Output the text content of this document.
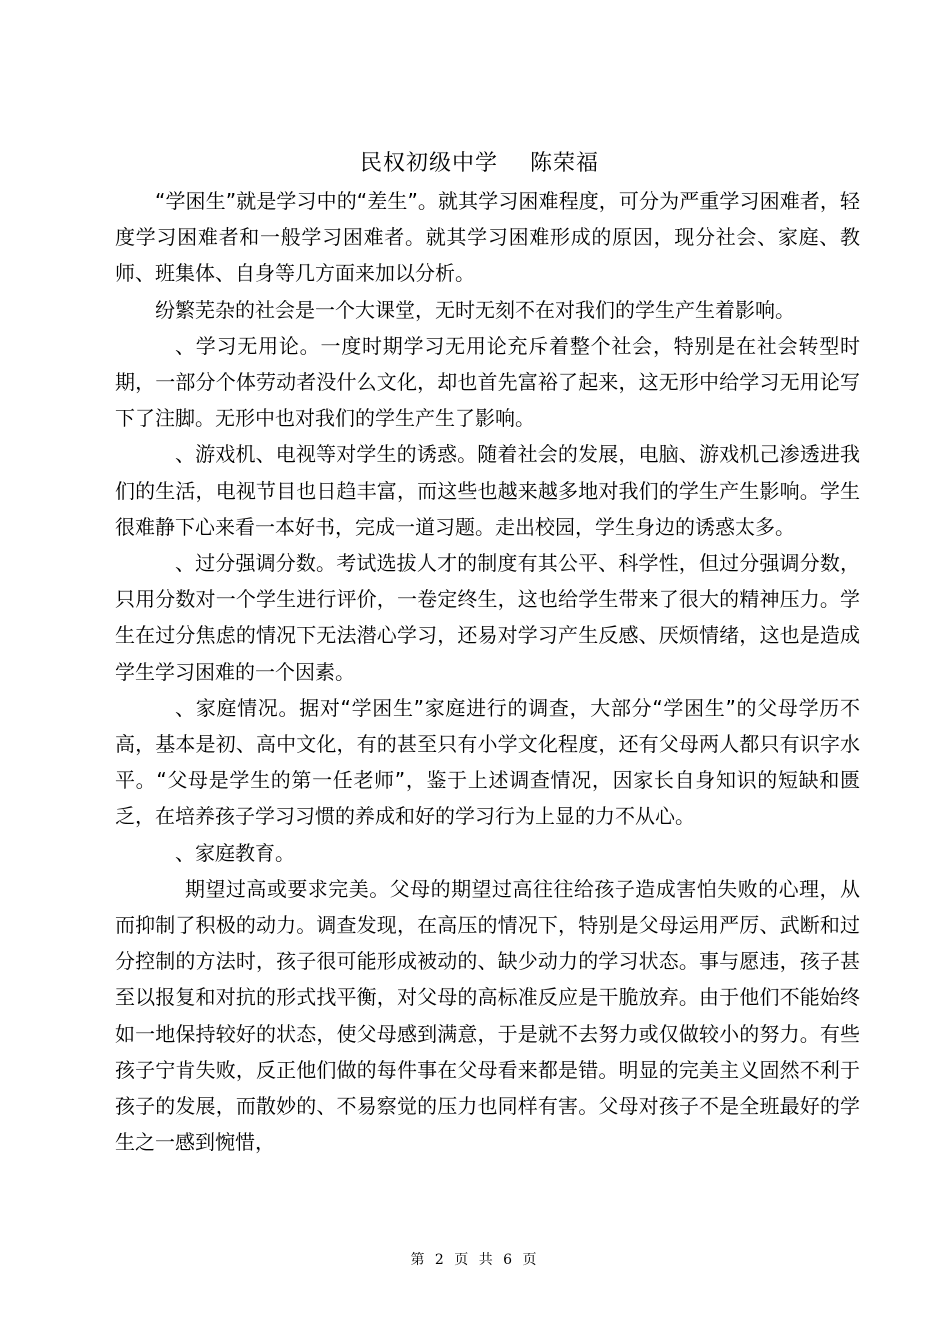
民权初级中学    陈荣福

“学困生”就是学习中的“差生”。就其学习困难程度，可分为严重学习困难者，轻度学习困难者和一般学习困难者。就其学习困难形成的原因，现分社会、家庭、教师、班集体、自身等几方面来加以分析。

纷繁芜杂的社会是一个大课堂，无时无刻不在对我们的学生产生着影响。

、学习无用论。一度时期学习无用论充斥着整个社会，特别是在社会转型时期，一部分个体劳动者没什么文化，却也首先富裕了起来，这无形中给学习无用论写下了注脚。无形中也对我们的学生产生了影响。

、游戏机、电视等对学生的诱惑。随着社会的发展，电脑、游戏机己渗透进我们的生活，电视节目也日趋丰富，而这些也越来越多地对我们的学生产生影响。学生很难静下心来看一本好书，完成一道习题。走出校园，学生身边的诱惑太多。

、过分强调分数。考试选拔人才的制度有其公平、科学性，但过分强调分数，只用分数对一个学生进行评价，一卷定终生，这也给学生带来了很大的精神压力。学生在过分焦虑的情况下无法潜心学习，还易对学习产生反感、厌烦情绪，这也是造成学生学习困难的一个因素。

、家庭情况。据对“学困生”家庭进行的调查，大部分“学困生”的父母学历不高，基本是初、高中文化，有的甚至只有小学文化程度，还有父母两人都只有识字水平。“父母是学生的第一任老师”，鉴于上述调查情况，因家长自身知识的短缺和匮乏，在培养孩子学习习惯的养成和好的学习行为上显的力不从心。

、家庭教育。

期望过高或要求完美。父母的期望过高往往给孩子造成害怕失败的心理，从而抑制了积极的动力。调查发现，在高压的情况下，特别是父母运用严厉、武断和过分控制的方法时，孩子很可能形成被动的、缺少动力的学习状态。事与愿违，孩子甚至以报复和对抗的形式找平衡，对父母的高标准反应是干脆放弃。由于他们不能始终如一地保持较好的状态，使父母感到满意，于是就不去努力或仅做较小的努力。有些孩子宁肯失败，反正他们做的每件事在父母看来都是错。明显的完美主义固然不利于孩子的发展，而散妙的、不易察觉的压力也同样有害。父母对孩子不是全班最好的学生之一感到惋惜，

第 2 页 共 6 页
